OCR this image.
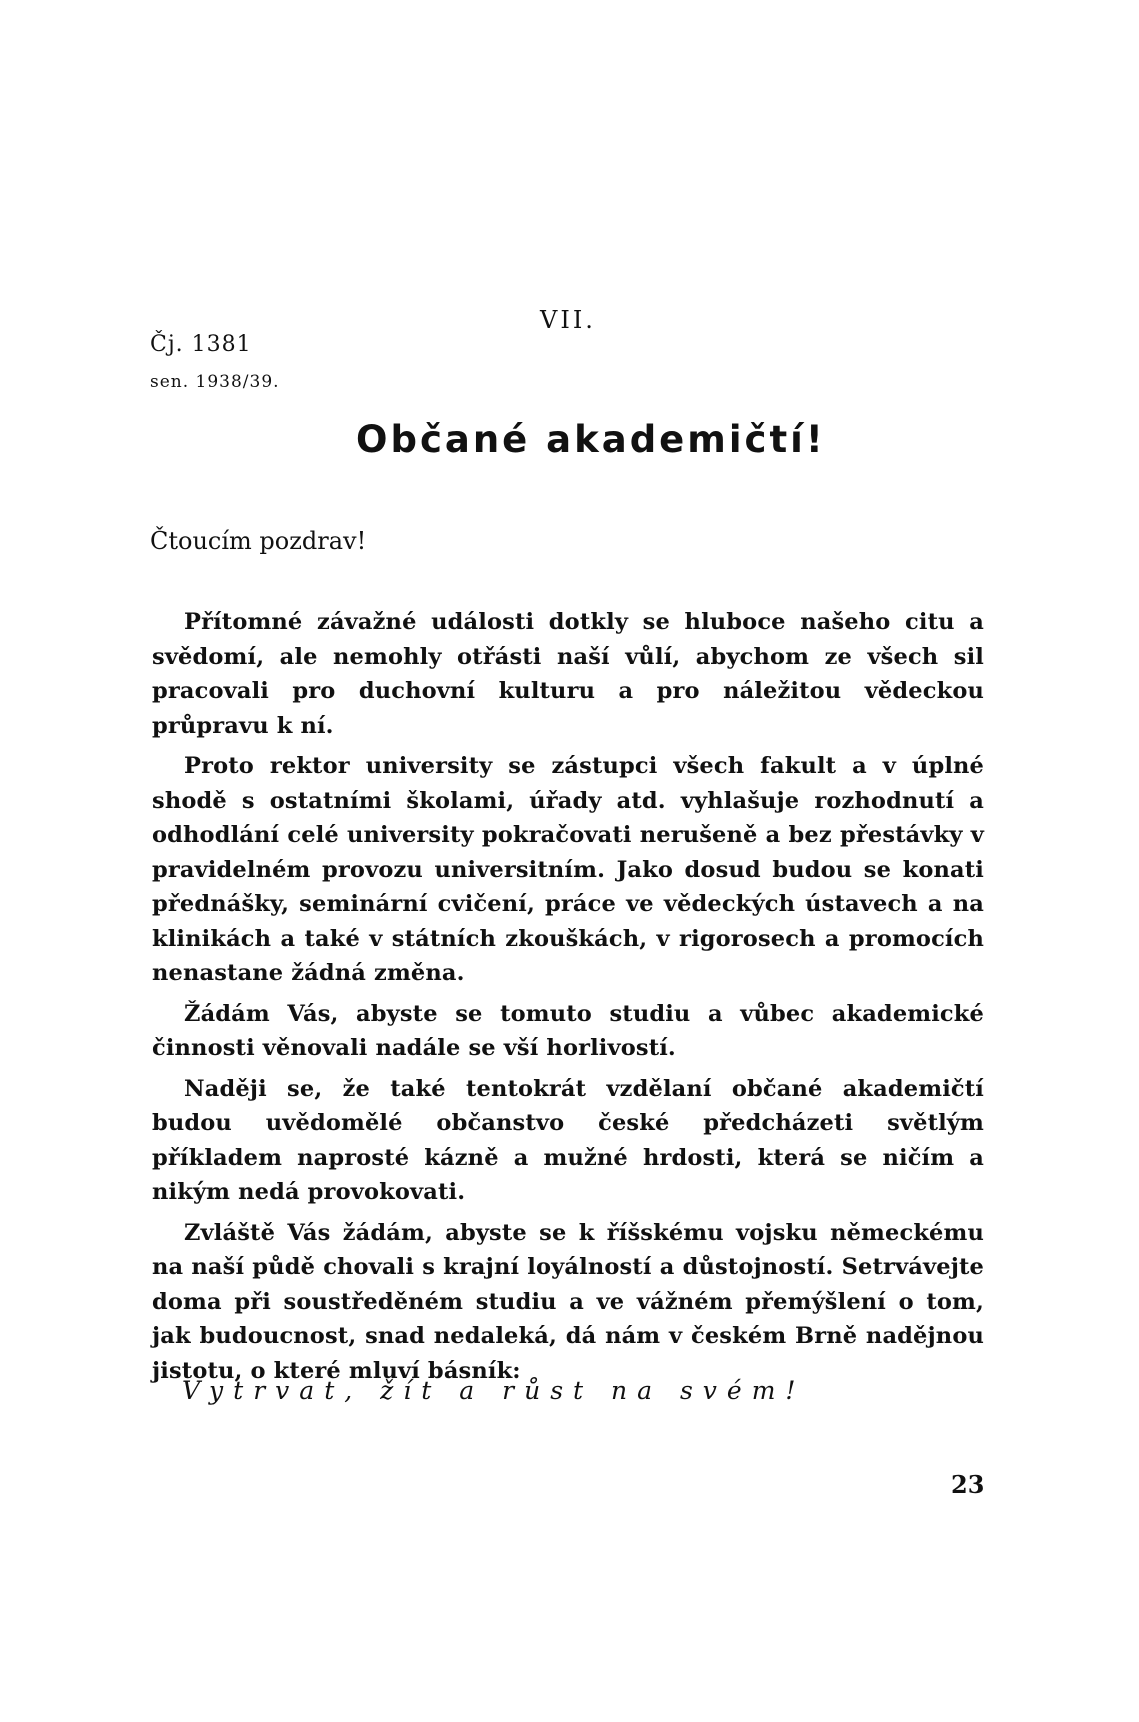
Čj. 1381
sen. 1938/39.
VII.
Občané akademičtí!
Čtoucím pozdrav!

Přítomné závažné události dotkly se hluboce našeho citu a svědomí, ale nemohly otřásti naší vůlí, abychom ze všech sil pracovali pro duchovní kulturu a pro náležitou vědeckou průpravu k ní.

Proto rektor university se zástupci všech fakult a v úplné shodě s ostatními školami, úřady atd. vyhlašuje rozhodnutí a odhodlání celé university pokračovati nerušeně a bez přestávky v pravidelném provozu universitním. Jako dosud budou se konati přednášky, seminární cvičení, práce ve vědeckých ústavech a na klinikách a také v státních zkouškách, v rigorosech a promocích nenastane žádná změna.

Žádám Vás, abyste se tomuto studiu a vůbec akademické činnosti věnovali nadále se vší horlivostí.

Naději se, že také tentokrát vzdělaní občané akademičtí budou uvědomělé občanstvo české předcházeti světlým příkladem naprosté kázně a mužné hrdosti, která se ničím a nikým nedá provokovati.

Zvláště Vás žádám, abyste se k říšskému vojsku německému na naší půdě chovali s krajní loyálností a důstojností. Setrvávejte doma při soustředěném studiu a ve vážném přemýšlení o tom, jak budoucnost, snad nedaleká, dá nám v českém Brně nadějnou jistotu, o které mluví básník:

Vytrvat, žít a růst na svém!
23
